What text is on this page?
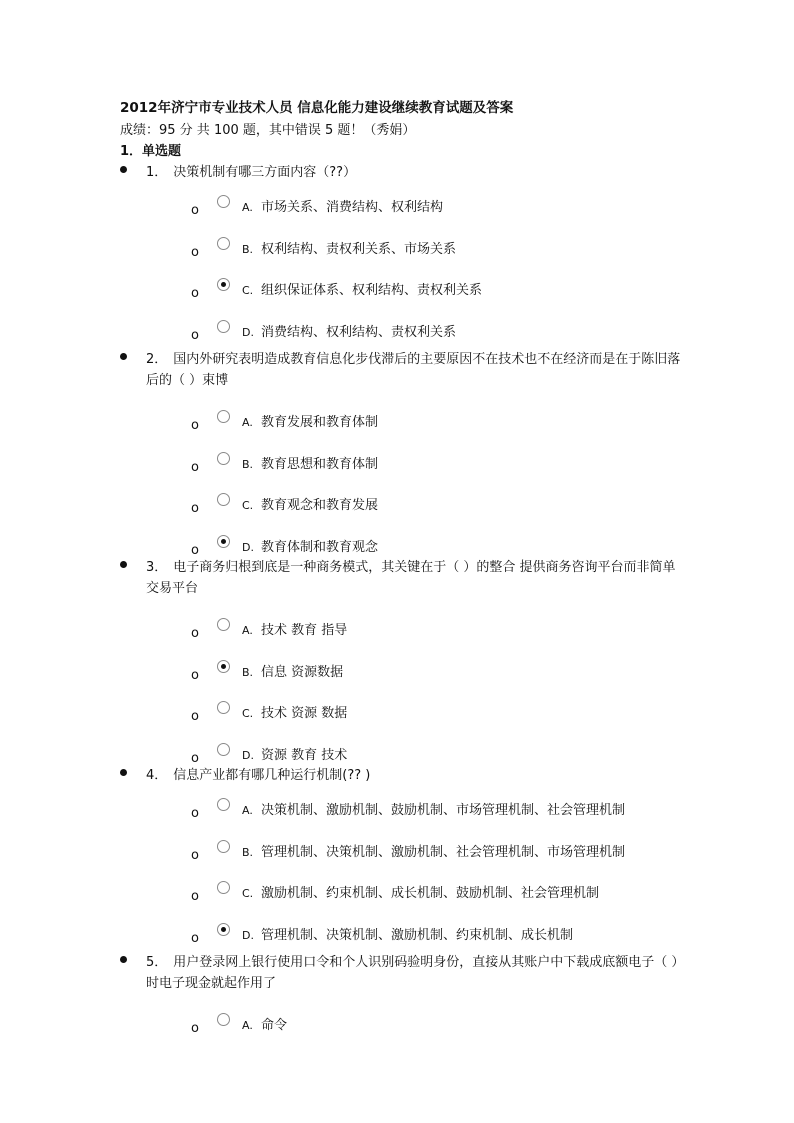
2012年济宁市专业技术人员 信息化能力建设继续教育试题及答案
成绩：95 分 共 100 题，其中错误 5 题！（秀娟）
1．单选题
1． 决策机制有哪三方面内容（??）
o	A. 市场关系、消费结构、权利结构
o	B. 权利结构、责权利关系、市场关系
o	C. 组织保证体系、权利结构、责权利关系
o	D. 消费结构、权利结构、责权利关系
2． 国内外研究表明造成教育信息化步伐滞后的主要原因不在技术也不在经济而是在于陈旧落后的（ ）束博
o	A. 教育发展和教育体制
o	B. 教育思想和教育体制
o	C. 教育观念和教育发展
o	D. 教育体制和教育观念
3． 电子商务归根到底是一种商务模式，其关键在于（ ）的整合 提供商务咨询平台而非简单交易平台
o	A. 技术 教育 指导
o	B. 信息 资源数据
o	C. 技术 资源 数据
o	D. 资源 教育 技术
4． 信息产业都有哪几种运行机制(?? )
o	A. 决策机制、激励机制、鼓励机制、市场管理机制、社会管理机制
o	B. 管理机制、决策机制、激励机制、社会管理机制、市场管理机制
o	C. 激励机制、约束机制、成长机制、鼓励机制、社会管理机制
o	D. 管理机制、决策机制、激励机制、约束机制、成长机制
5． 用户登录网上银行使用口令和个人识别码验明身份，直接从其账户中下载成底额电子（ ）时电子现金就起作用了
o	A. 命令
